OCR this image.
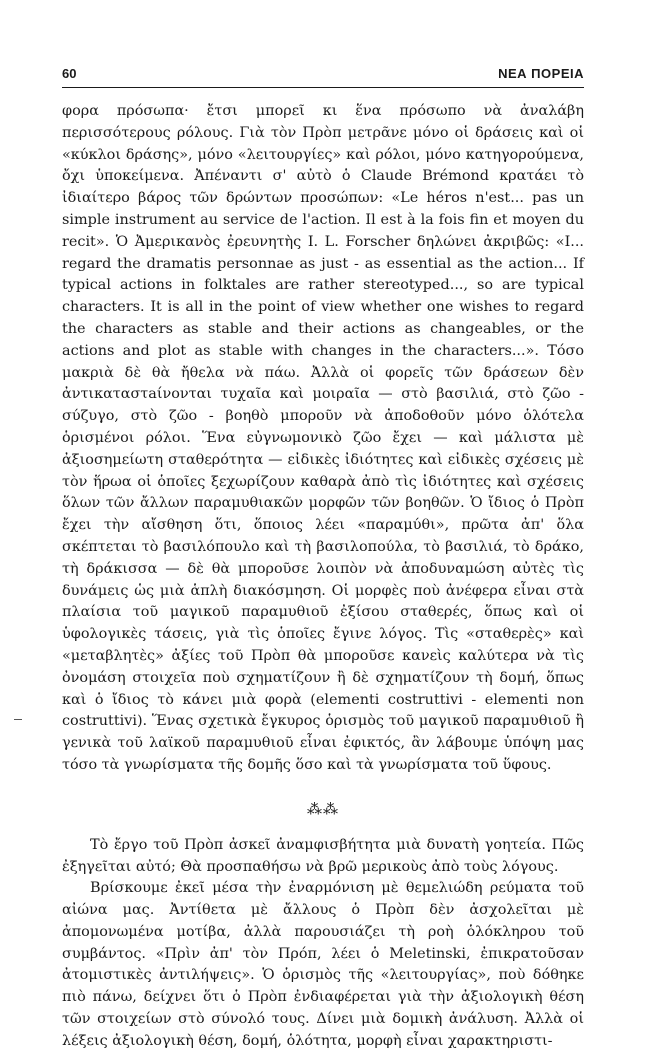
60	ΝΕΑ ΠΟΡΕΙΑ

φορα πρόσωπα· ἔτσι μπορεῖ κι ἕνα πρόσωπο νὰ ἀναλάβη περισσότερους ρόλους. Γιὰ τὸν Πρὸπ μετρᾶνε μόνο οἱ δράσεις καὶ οἱ «κύκλοι δράσης», μόνο «λειτουργίες» καὶ ρόλοι, μόνο κατηγορούμενα, ὄχι ὑποκείμενα. Ἀπέναντι σ' αὐτὸ ὁ Claude Brémond κρατάει τὸ ἰδιαίτερο βάρος τῶν δρώντων προσώπων: «Le héros n'est... pas un simple instrument au service de l'action. Il est à la fois fin et moyen du recit». Ὁ Ἀμερικανὸς ἐρευνητὴς I. L. Forscher δηλώνει ἀκριβῶς: «I... regard the dramatis personnae as just - as essential as the action... If typical actions in folktales are rather stereotyped..., so are typical characters. It is all in the point of view whether one wishes to regard the characters as stable and their actions as changeables, or the actions and plot as stable with changes in the characters...». Τόσο μακριὰ δὲ θὰ ἤθελα νὰ πάω. Ἀλλὰ οἱ φορεῖς τῶν δράσεων δὲν ἀντικαταστaίνονται τυχαῖα καὶ μοιραῖα — στὸ βασιλιά, στὸ ζῶο - σύζυγο, στὸ ζῶο - βοηθὸ μποροῦν νὰ ἀποδοθοῦν μόνο ὁλότελα ὁρισμένοι ρόλοι. Ἕνα εὐγνωμονικὸ ζῶο ἔχει — καὶ μάλιστα μὲ ἀξιοσημείωτη σταθερότητα — εἰδικὲς ἰδιότητες καὶ εἰδικὲς σχέσεις μὲ τὸν ἥρωα οἱ ὁποῖες ξεχωρίζουν καθαρὰ ἀπὸ τὶς ἰδιότητες καὶ σχέσεις ὅλων τῶν ἄλλων παραμυθιακῶν μορφῶν τῶν βοηθῶν. Ὁ ἴδιος ὁ Πρὸπ ἔχει τὴν αἴσθηση ὅτι, ὅποιος λέει «παραμύθι», πρῶτα ἀπ' ὅλα σκέπτεται τὸ βασιλόπουλο καὶ τὴ βασιλοπούλα, τὸ βασιλιά, τὸ δράκο, τὴ δράκισσα — δὲ θὰ μποροῦσε λοιπὸν νὰ ἀποδυναμώση αὐτὲς τὶς δυνάμεις ὡς μιὰ ἁπλὴ διακόσμηση. Οἱ μορφὲς ποὺ ἀνέφερα εἶναι στὰ πλαίσια τοῦ μαγικοῦ παραμυθιοῦ ἐξίσου σταθερές, ὅπως καὶ οἱ ὑφολογικὲς τάσεις, γιὰ τὶς ὁποῖες ἔγινε λόγος. Τὶς «σταθερὲς» καὶ «μεταβλητὲς» ἀξίες τοῦ Πρὸπ θὰ μποροῦσε κανεὶς καλύτερα νὰ τὶς ὀνομάση στοιχεῖα ποὺ σχηματίζουν ἢ δὲ σχηματίζουν τὴ δομή, ὅπως καὶ ὁ ἴδιος τὸ κάνει μιὰ φορὰ (elementi costruttivi - elementi non costruttivi). Ἕνας σχετικὰ ἔγκυρος ὁρισμὸς τοῦ μαγικοῦ παραμυθιοῦ ἢ γενικὰ τοῦ λαϊκοῦ παραμυθιοῦ εἶναι ἐφικτός, ἂν λάβουμε ὑπόψη μας τόσο τὰ γνωρίσματα τῆς δομῆς ὅσο καὶ τὰ γνωρίσματα τοῦ ὕφους.

⁂⁂

Τὸ ἔργο τοῦ Πρὸπ ἀσκεῖ ἀναμφισβήτητα μιὰ δυνατὴ γοητεία. Πῶς ἐξηγεῖται αὐτό; Θὰ προσπαθήσω νὰ βρῶ μερικοὺς ἀπὸ τοὺς λόγους.

Βρίσκουμε ἐκεῖ μέσα τὴν ἐναρμόνιση μὲ θεμελιώδη ρεύματα τοῦ αἰώνα μας. Ἀντίθετα μὲ ἄλλους ὁ Πρὸπ δὲν ἀσχολεῖται μὲ ἀπομονωμένα μοτίβα, ἀλλὰ παρουσιάζει τὴ ροὴ ὁλόκληρου τοῦ συμβάντος. «Πρὶν ἀπ' τὸν Πρόπ, λέει ὁ Meletinski, ἐπικρατοῦσαν ἀτομιστικὲς ἀντιλήψεις». Ὁ ὁρισμὸς τῆς «λειτουργίας», ποὺ δόθηκε πιὸ πάνω, δείχνει ὅτι ὁ Πρὸπ ἐνδιαφέρεται γιὰ τὴν ἀξιολογικὴ θέση τῶν στοιχείων στὸ σύνολό τους. Δίνει μιὰ δομικὴ ἀνάλυση. Ἀλλὰ οἱ λέξεις ἀξιολογικὴ θέση, δομή, ὁλότητα, μορφὴ εἶναι χαρακτηριστι-
